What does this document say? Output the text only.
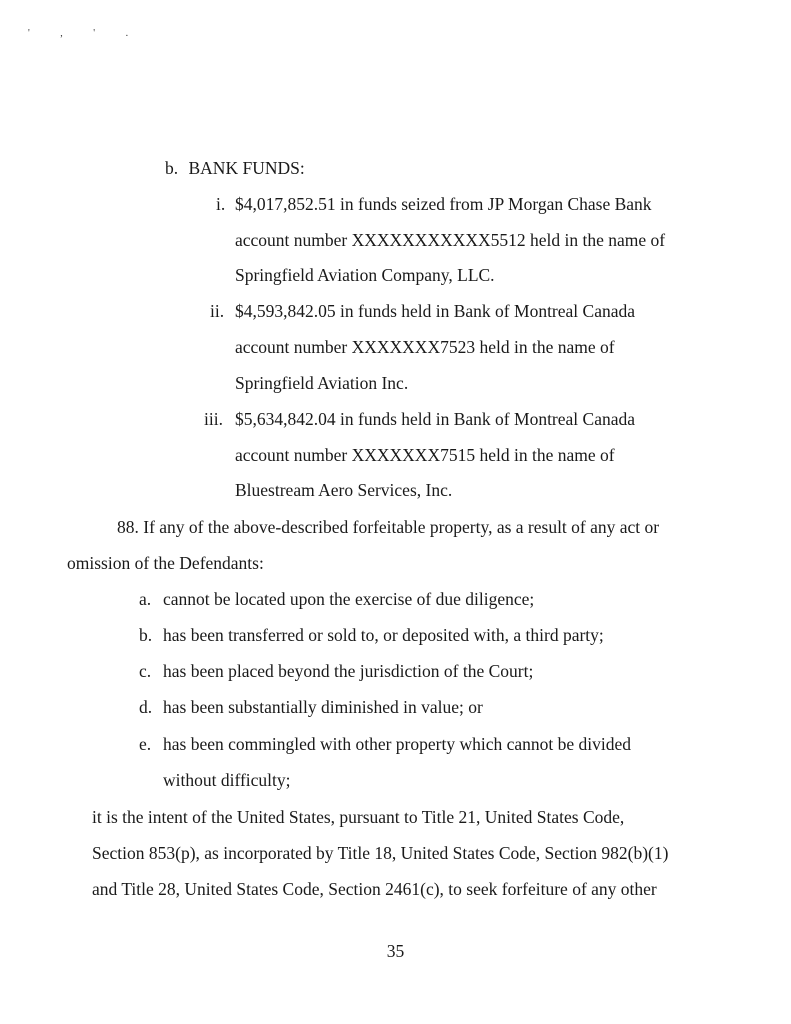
' , ' .
b. BANK FUNDS:
i. $4,017,852.51 in funds seized from JP Morgan Chase Bank
account number XXXXXXXXXXX5512 held in the name of
Springfield Aviation Company, LLC.
ii. $4,593,842.05 in funds held in Bank of Montreal Canada
account number XXXXXXX7523 held in the name of
Springfield Aviation Inc.
iii. $5,634,842.04 in funds held in Bank of Montreal Canada
account number XXXXXXX7515 held in the name of
Bluestream Aero Services, Inc.
88. If any of the above-described forfeitable property, as a result of any act or
omission of the Defendants:
a. cannot be located upon the exercise of due diligence;
b. has been transferred or sold to, or deposited with, a third party;
c. has been placed beyond the jurisdiction of the Court;
d. has been substantially diminished in value; or
e. has been commingled with other property which cannot be divided
without difficulty;
it is the intent of the United States, pursuant to Title 21, United States Code,
Section 853(p), as incorporated by Title 18, United States Code, Section 982(b)(1)
and Title 28, United States Code, Section 2461(c), to seek forfeiture of any other
35
